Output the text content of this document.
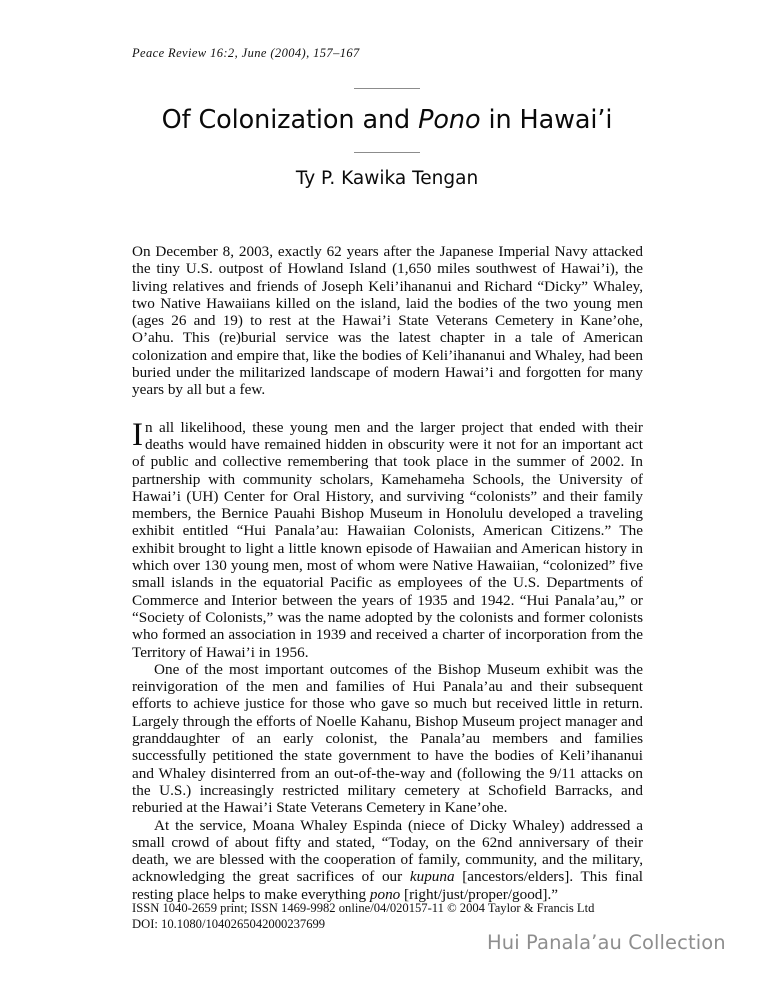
Peace Review 16:2, June (2004), 157–167
Of Colonization and Pono in Hawai’i
Ty P. Kawika Tengan

On December 8, 2003, exactly 62 years after the Japanese Imperial Navy attacked the tiny U.S. outpost of Howland Island (1,650 miles southwest of Hawai’i), the living relatives and friends of Joseph Keli’ihananui and Richard “Dicky” Whaley, two Native Hawaiians killed on the island, laid the bodies of the two young men (ages 26 and 19) to rest at the Hawai’i State Veterans Cemetery in Kane’ohe, O’ahu. This (re)burial service was the latest chapter in a tale of American colonization and empire that, like the bodies of Keli’ihananui and Whaley, had been buried under the militarized landscape of modern Hawai’i and forgotten for many years by all but a few.

In all likelihood, these young men and the larger project that ended with their deaths would have remained hidden in obscurity were it not for an important act of public and collective remembering that took place in the summer of 2002. In partnership with community scholars, Kamehameha Schools, the University of Hawai’i (UH) Center for Oral History, and surviving “colonists” and their family members, the Bernice Pauahi Bishop Museum in Honolulu developed a traveling exhibit entitled “Hui Panala’au: Hawaiian Colonists, American Citizens.” The exhibit brought to light a little known episode of Hawaiian and American history in which over 130 young men, most of whom were Native Hawaiian, “colonized” five small islands in the equatorial Pacific as employees of the U.S. Departments of Commerce and Interior between the years of 1935 and 1942. “Hui Panala’au,” or “Society of Colonists,” was the name adopted by the colonists and former colonists who formed an association in 1939 and received a charter of incorporation from the Territory of Hawai’i in 1956.

One of the most important outcomes of the Bishop Museum exhibit was the reinvigoration of the men and families of Hui Panala’au and their subsequent efforts to achieve justice for those who gave so much but received little in return. Largely through the efforts of Noelle Kahanu, Bishop Museum project manager and granddaughter of an early colonist, the Panala’au members and families successfully petitioned the state government to have the bodies of Keli’ihananui and Whaley disinterred from an out-of-the-way and (following the 9/11 attacks on the U.S.) increasingly restricted military cemetery at Schofield Barracks, and reburied at the Hawai’i State Veterans Cemetery in Kane’ohe.

At the service, Moana Whaley Espinda (niece of Dicky Whaley) addressed a small crowd of about fifty and stated, “Today, on the 62nd anniversary of their death, we are blessed with the cooperation of family, community, and the military, acknowledging the great sacrifices of our kupuna [ancestors/elders]. This final resting place helps to make everything pono [right/just/proper/good].”

ISSN 1040-2659 print; ISSN 1469-9982 online/04/020157-11 © 2004 Taylor & Francis Ltd
DOI: 10.1080/1040265042000237699
Hui Panala’au Collection
